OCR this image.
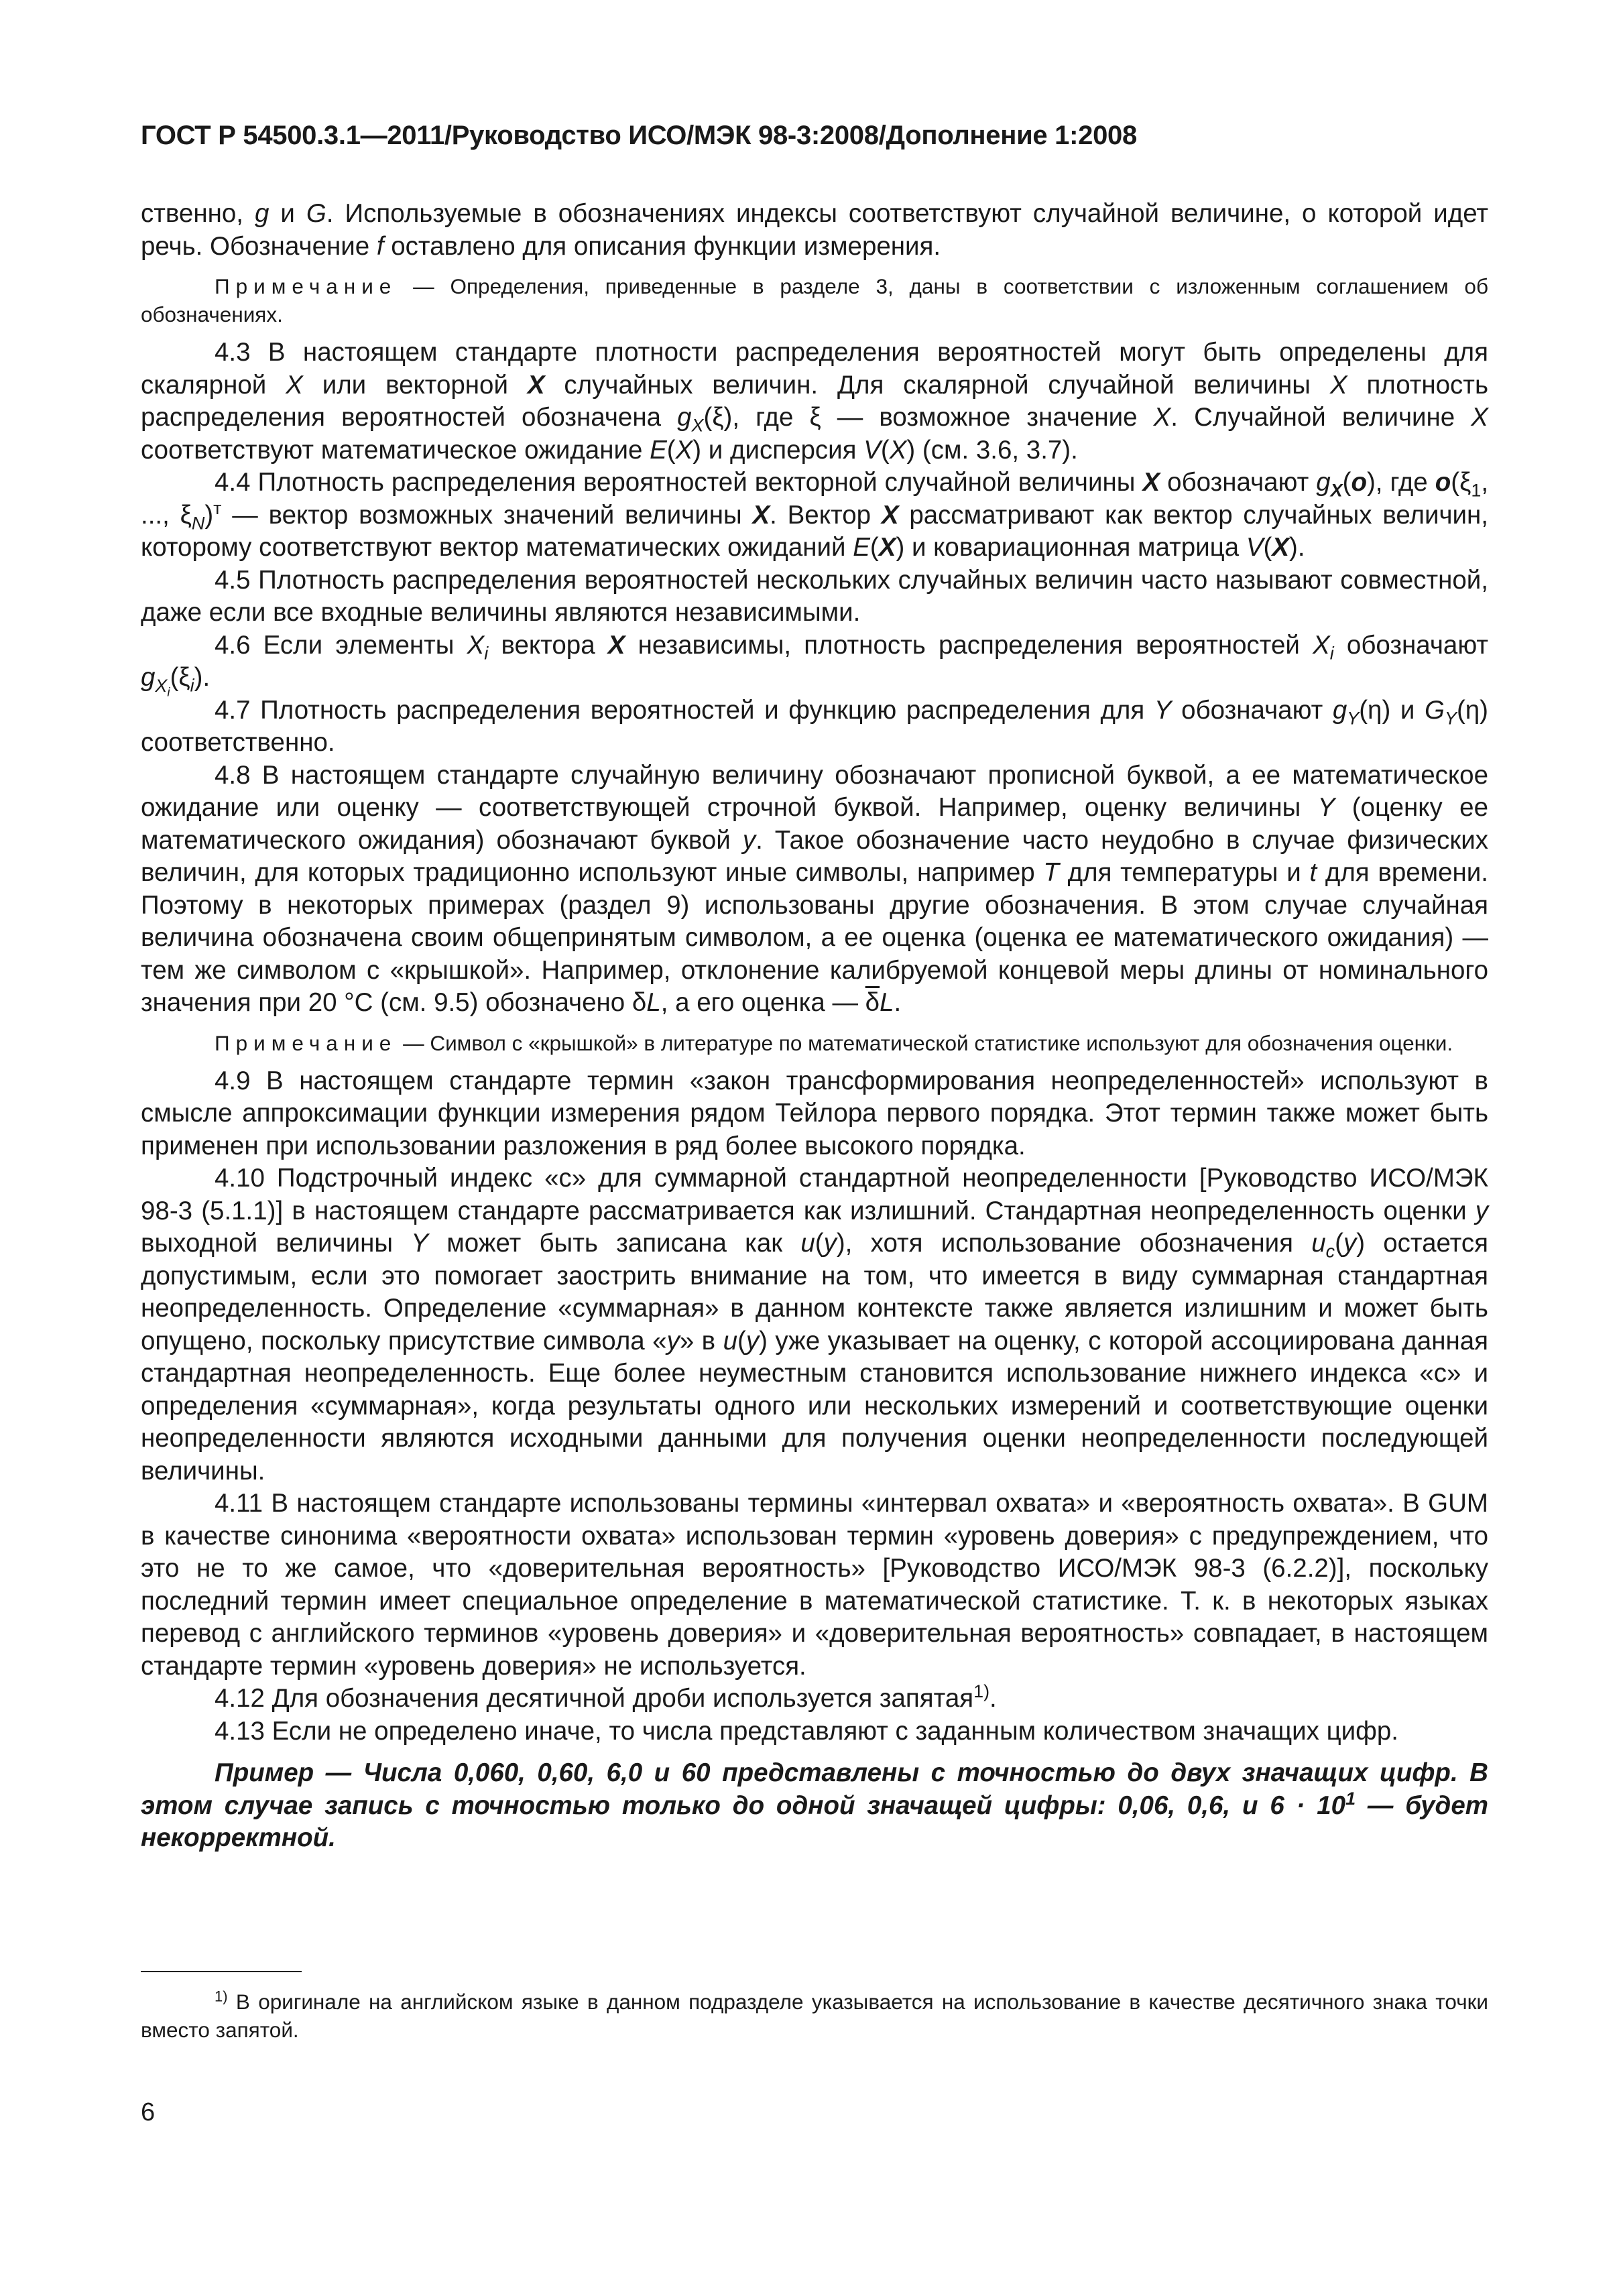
ГОСТ Р 54500.3.1—2011/Руководство ИСО/МЭК 98-3:2008/Дополнение 1:2008

ственно, g и G. Используемые в обозначениях индексы соответствуют случайной величине, о которой идет речь. Обозначение f оставлено для описания функции измерения.

Примечание — Определения, приведенные в разделе 3, даны в соответствии с изложенным соглашением об обозначениях.

4.3 В настоящем стандарте плотности распределения вероятностей могут быть определены для скалярной X или векторной X случайных величин. Для скалярной случайной величины X плотность распределения вероятностей обозначена $g_X(\xi)$, где ξ — возможное значение X. Случайной величине X соответствуют математическое ожидание E(X) и дисперсия V(X) (см. 3.6, 3.7).

4.4 Плотность распределения вероятностей векторной случайной величины X обозначают $g_X(o)$, где $o(\xi_1$, ..., $\xi_N)^т$ — вектор возможных значений величины X. Вектор X рассматривают как вектор случайных величин, которому соответствуют вектор математических ожиданий E(X) и ковариационная матрица V(X).

4.5 Плотность распределения вероятностей нескольких случайных величин часто называют совместной, даже если все входные величины являются независимыми.

4.6 Если элементы $X_i$ вектора X независимы, плотность распределения вероятностей $X_i$ обозначают $g_{X_i}(\xi_i)$.

4.7 Плотность распределения вероятностей и функцию распределения для Y обозначают $g_Y(\eta)$ и $G_Y(\eta)$ соответственно.

4.8 В настоящем стандарте случайную величину обозначают прописной буквой, а ее математическое ожидание или оценку — соответствующей строчной буквой. Например, оценку величины Y (оценку ее математического ожидания) обозначают буквой y. Такое обозначение часто неудобно в случае физических величин, для которых традиционно используют иные символы, например T для температуры и t для времени. Поэтому в некоторых примерах (раздел 9) использованы другие обозначения. В этом случае случайная величина обозначена своим общепринятым символом, а ее оценка (оценка ее математического ожидания) — тем же символом с «крышкой». Например, отклонение калибруемой концевой меры длины от номинального значения при 20 °С (см. 9.5) обозначено δL, а его оценка — $\overline{\delta}L$.

Примечание — Символ с «крышкой» в литературе по математической статистике используют для обозначения оценки.

4.9 В настоящем стандарте термин «закон трансформирования неопределенностей» используют в смысле аппроксимации функции измерения рядом Тейлора первого порядка. Этот термин также может быть применен при использовании разложения в ряд более высокого порядка.

4.10 Подстрочный индекс «с» для суммарной стандартной неопределенности [Руководство ИСО/МЭК 98-3 (5.1.1)] в настоящем стандарте рассматривается как излишний. Стандартная неопределенность оценки y выходной величины Y может быть записана как u(y), хотя использование обозначения $u_c(y)$ остается допустимым, если это помогает заострить внимание на том, что имеется в виду суммарная стандартная неопределенность. Определение «суммарная» в данном контексте также является излишним и может быть опущено, поскольку присутствие символа «y» в u(y) уже указывает на оценку, с которой ассоциирована данная стандартная неопределенность. Еще более неуместным становится использование нижнего индекса «с» и определения «суммарная», когда результаты одного или нескольких измерений и соответствующие оценки неопределенности являются исходными данными для получения оценки неопределенности последующей величины.

4.11 В настоящем стандарте использованы термины «интервал охвата» и «вероятность охвата». В GUM в качестве синонима «вероятности охвата» использован термин «уровень доверия» с предупреждением, что это не то же самое, что «доверительная вероятность» [Руководство ИСО/МЭК 98-3 (6.2.2)], поскольку последний термин имеет специальное определение в математической статистике. Т. к. в некоторых языках перевод с английского терминов «уровень доверия» и «доверительная вероятность» совпадает, в настоящем стандарте термин «уровень доверия» не используется.

4.12 Для обозначения десятичной дроби используется запятая$^{1)}$.

4.13 Если не определено иначе, то числа представляют с заданным количеством значащих цифр.

Пример — Числа 0,060, 0,60, 6,0 и 60 представлены с точностью до двух значащих цифр. В этом случае запись с точностью только до одной значащей цифры: 0,06, 0,6, и $6 \cdot 10^1$ — будет некорректной.

$^{1)}$ В оригинале на английском языке в данном подразделе указывается на использование в качестве десятичного знака точки вместо запятой.
6
